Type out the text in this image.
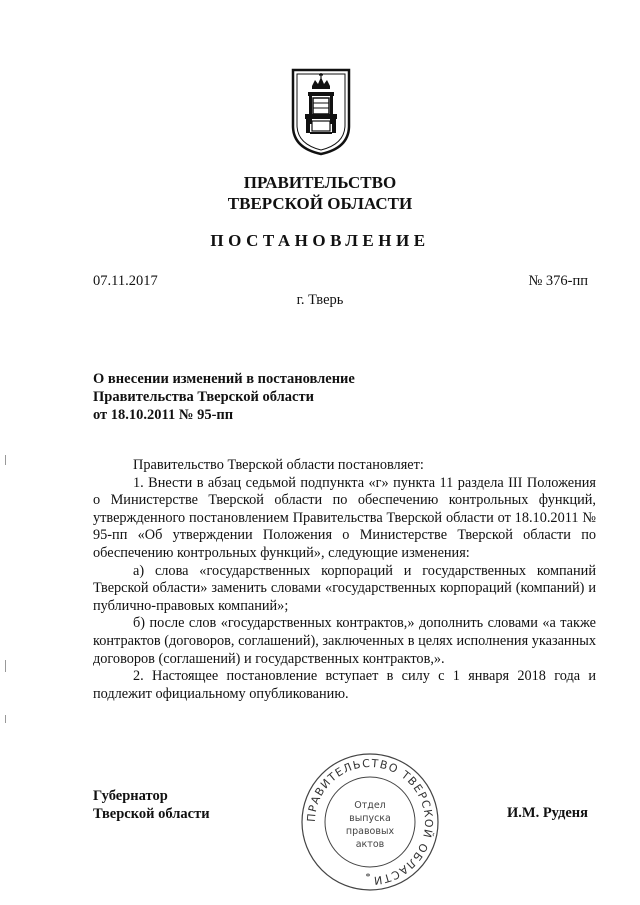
ПРАВИТЕЛЬСТВО
ТВЕРСКОЙ ОБЛАСТИ
ПОСТАНОВЛЕНИЕ
07.11.2017	№ 376-пп
г. Тверь
О внесении изменений в постановление
Правительства Тверской области
от 18.10.2011 № 95-пп

Правительство Тверской области постановляет:

1. Внести в абзац седьмой подпункта «г» пункта 11 раздела III Положения о Министерстве Тверской области по обеспечению контрольных функций, утвержденного постановлением Правительства Тверской области от 18.10.2011 № 95-пп «Об утверждении Положения о Министерстве Тверской области по обеспечению контрольных функций», следующие изменения:

а) слова «государственных корпораций и государственных компаний Тверской области» заменить словами «государственных корпораций (компаний) и публично-правовых компаний»;

б) после слов «государственных контрактов,» дополнить словами «а также контрактов (договоров, соглашений), заключенных в целях исполнения указанных договоров (соглашений) и государственных контрактов,».

2. Настоящее постановление вступает в силу с 1 января 2018 года и подлежит официальному опубликованию.

Губернатор
Тверской области	И.М. Руденя
ПРАВИТЕЛЬСТВО ТВЕРСКОЙ ОБЛАСТИ
Отдел
выпуска
правовых
актов
*
